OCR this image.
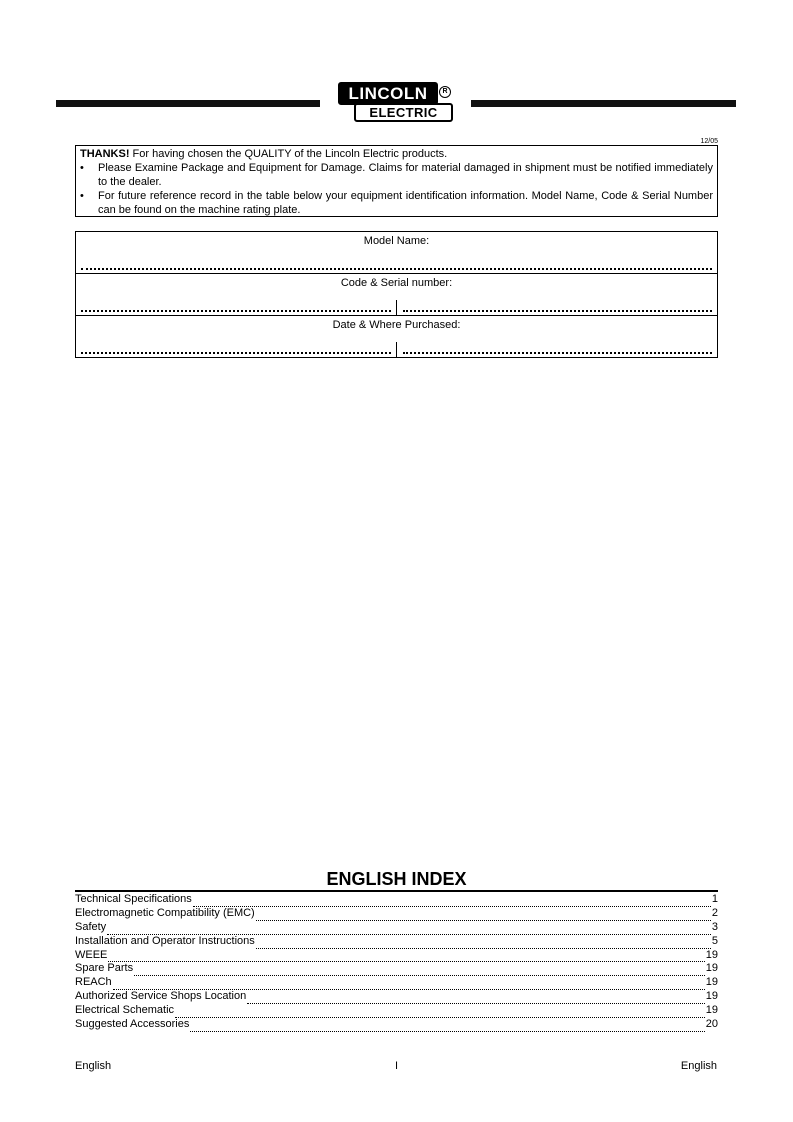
LINCOLN	R
ELECTRIC
12/05
THANKS! For having chosen the QUALITY of the Lincoln Electric products.
•	Please Examine Package and Equipment for Damage. Claims for material damaged in shipment must be notified immediately to the dealer.
•	For future reference record in the table below your equipment identification information. Model Name, Code & Serial Number can be found on the machine rating plate.
Model Name:
Code & Serial number:
Date & Where Purchased:
ENGLISH INDEX
Technical Specifications	1
Electromagnetic Compatibility (EMC)	2
Safety	3
Installation and Operator Instructions	5
WEEE	19
Spare Parts	19
REACh	19
Authorized Service Shops Location	19
Electrical Schematic	19
Suggested Accessories	20
English	I	English
